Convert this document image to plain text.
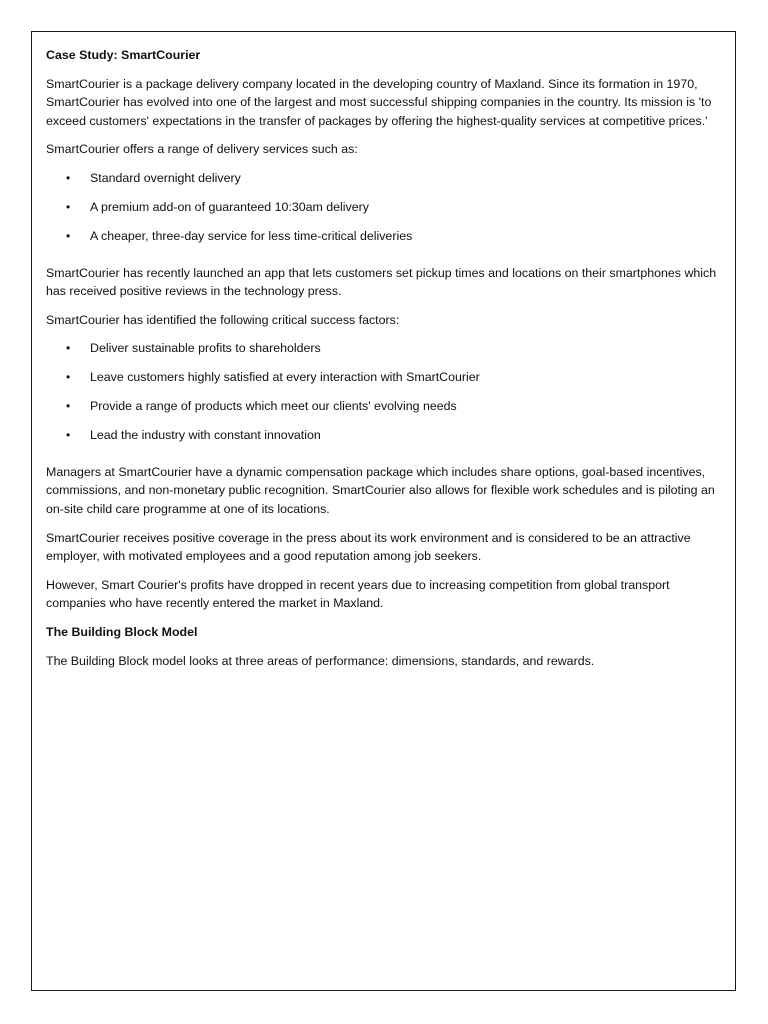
Case Study: SmartCourier

SmartCourier is a package delivery company located in the developing country of Maxland. Since its formation in 1970, SmartCourier has evolved into one of the largest and most successful shipping companies in the country. Its mission is 'to exceed customers' expectations in the transfer of packages by offering the highest-quality services at competitive prices.'

SmartCourier offers a range of delivery services such as:

• Standard overnight delivery
• A premium add-on of guaranteed 10:30am delivery
• A cheaper, three-day service for less time-critical deliveries

SmartCourier has recently launched an app that lets customers set pickup times and locations on their smartphones which has received positive reviews in the technology press.

SmartCourier has identified the following critical success factors:

• Deliver sustainable profits to shareholders
• Leave customers highly satisfied at every interaction with SmartCourier
• Provide a range of products which meet our clients' evolving needs
• Lead the industry with constant innovation

Managers at SmartCourier have a dynamic compensation package which includes share options, goal-based incentives, commissions, and non-monetary public recognition. SmartCourier also allows for flexible work schedules and is piloting an on-site child care programme at one of its locations.

SmartCourier receives positive coverage in the press about its work environment and is considered to be an attractive employer, with motivated employees and a good reputation among job seekers.

However, Smart Courier's profits have dropped in recent years due to increasing competition from global transport companies who have recently entered the market in Maxland.

The Building Block Model

The Building Block model looks at three areas of performance: dimensions, standards, and rewards.
